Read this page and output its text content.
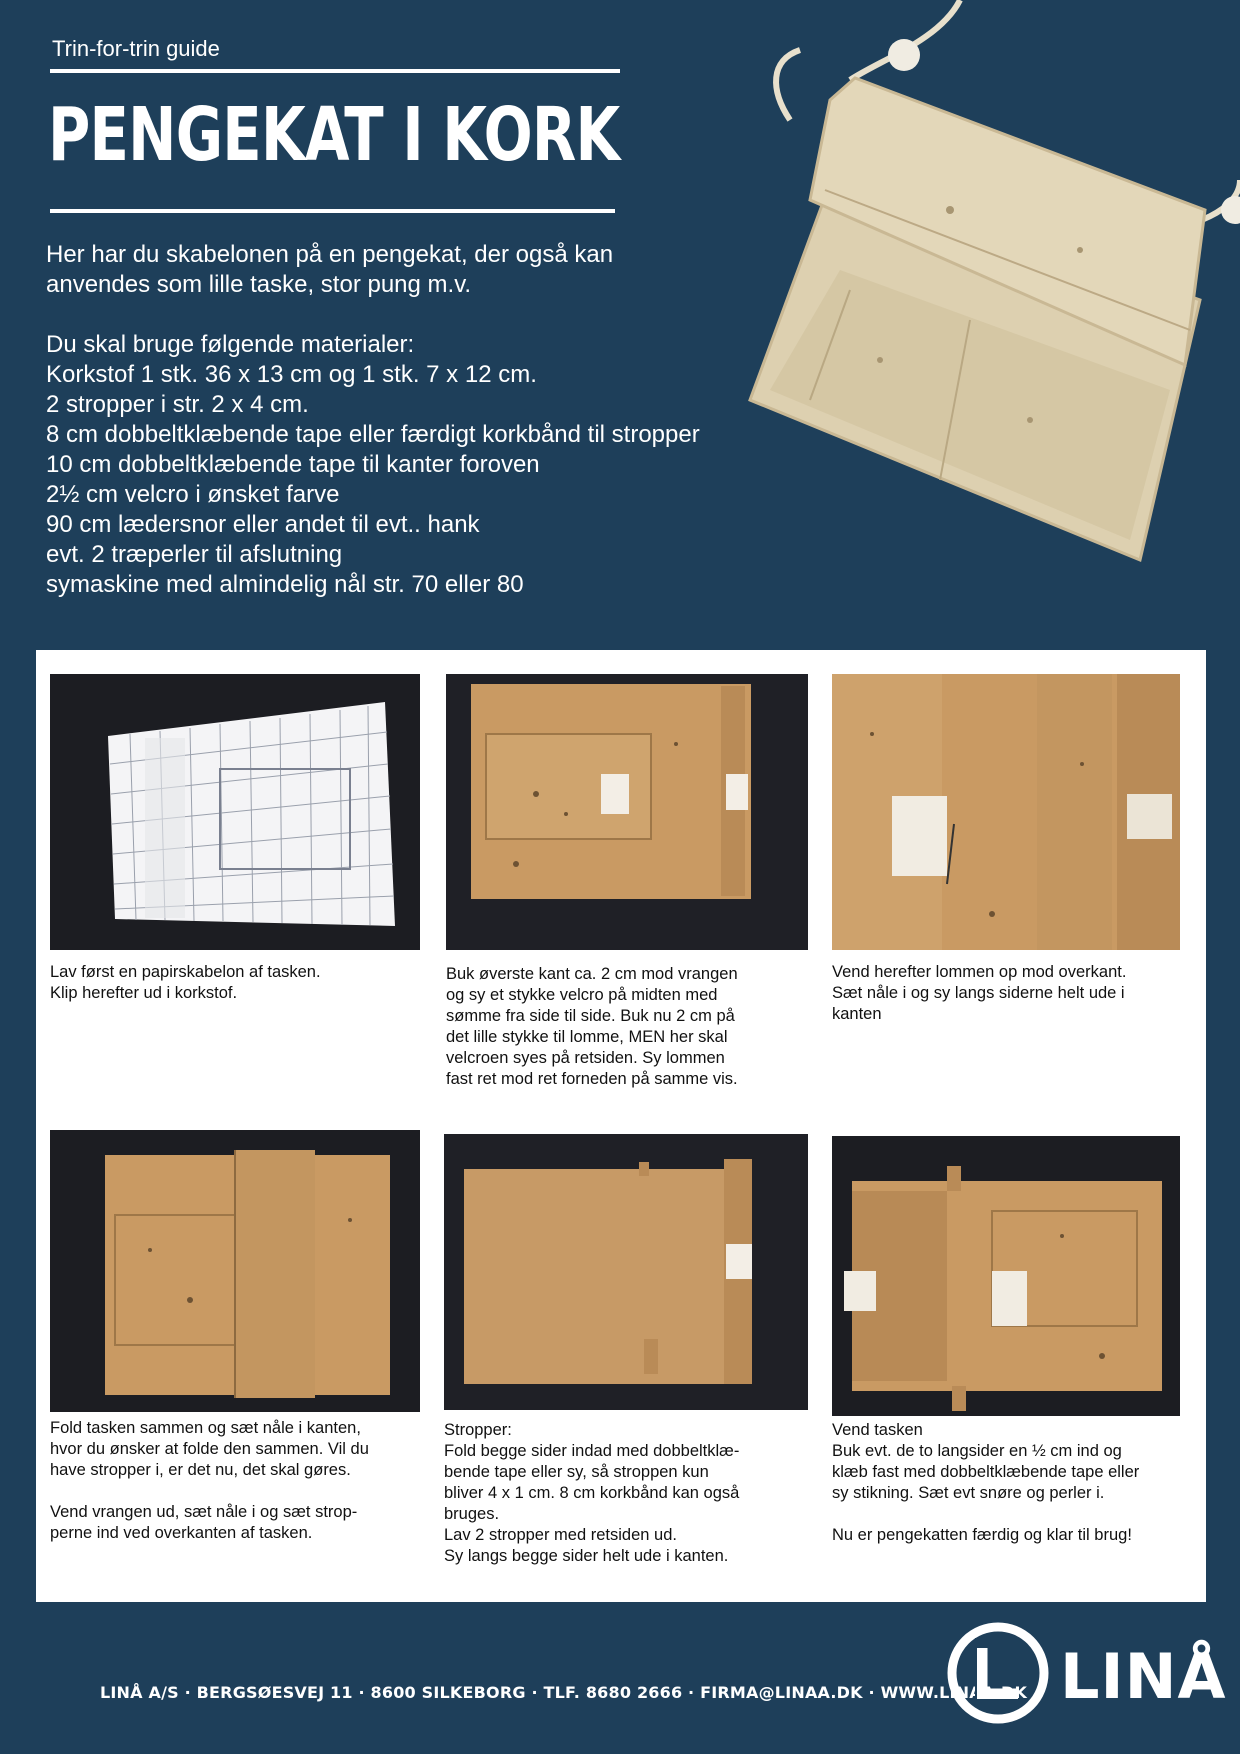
Trin-for-trin guide
PENGEKAT I KORK

Her har du skabelonen på en pengekat, der også kan

anvendes som lille taske, stor pung m.v.

Du skal bruge følgende materialer:
Korkstof 1 stk. 36 x 13 cm og 1 stk. 7 x 12 cm.
2 stropper i str. 2 x 4 cm.
8 cm dobbeltklæbende tape eller færdigt korkbånd til stropper
10 cm dobbeltklæbende tape til kanter foroven
2½ cm velcro i ønsket farve
90 cm lædersnor eller andet til evt.. hank
evt. 2 træperler til afslutning
symaskine med almindelig nål str. 70 eller 80
Lav først en papirskabelon af tasken.
Klip herefter ud i korkstof.
Buk øverste kant ca. 2 cm mod vrangen
og sy et stykke velcro på midten med
sømme fra side til side. Buk nu 2 cm på
det lille stykke til lomme, MEN her skal
velcroen syes på retsiden. Sy lommen
fast ret mod ret forneden på samme vis.
Vend herefter lommen op mod overkant.
Sæt nåle i og sy langs siderne helt ude i
kanten
Fold tasken sammen og sæt nåle i kanten,
hvor du ønsker at folde den sammen. Vil du
have stropper i, er det nu, det skal gøres.
Vend vrangen ud, sæt nåle i og sæt strop-
perne ind ved overkanten af tasken.
Stropper:
Fold begge sider indad med dobbeltklæ-
bende tape eller sy, så stroppen kun
bliver 4 x 1 cm. 8 cm korkbånd kan også
bruges.
Lav 2 stropper med retsiden ud.
Sy langs begge sider helt ude i kanten.
Vend tasken
Buk evt. de to langsider en ½ cm ind og
klæb fast med dobbeltklæbende tape eller
sy stikning. Sæt evt snøre og perler i.
Nu er pengekatten færdig og klar til brug!
LINÅ A/S · BERGSØESVEJ 11 · 8600 SILKEBORG · TLF. 8680 2666 · FIRMA@LINAA.DK · WWW.LINAA.DK LINÅ
